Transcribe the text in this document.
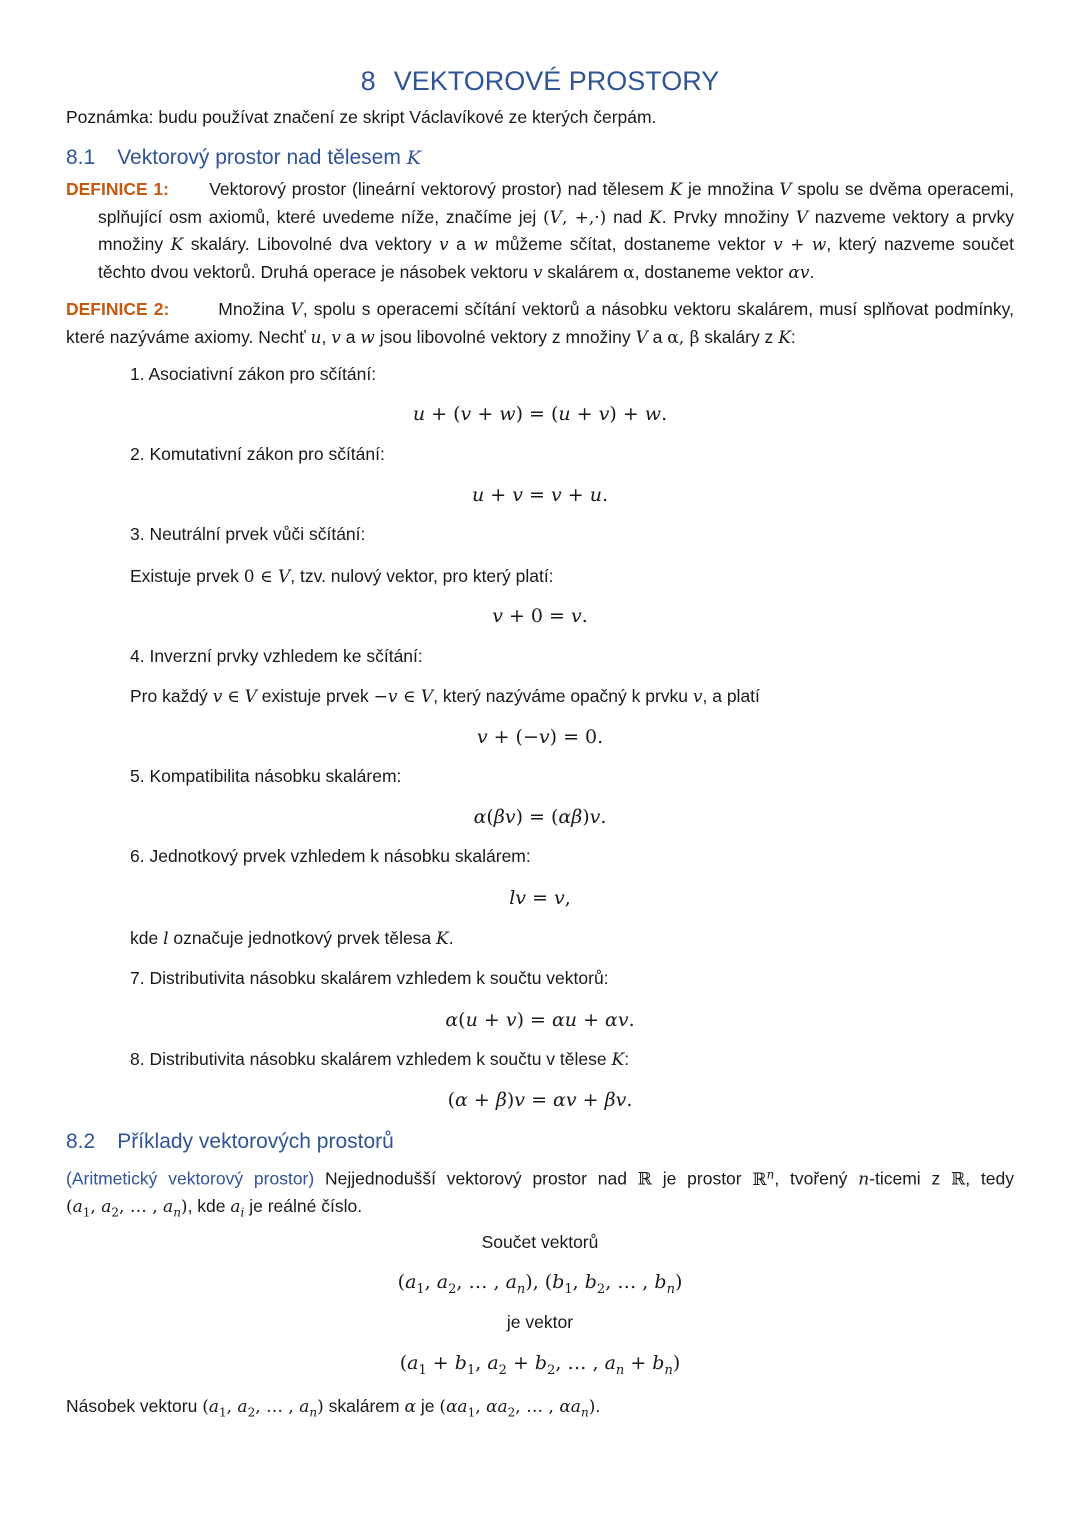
8 VEKTOROVÉ PROSTORY
Poznámka: budu používat značení ze skript Václavíkové ze kterých čerpám.
8.1 Vektorový prostor nad tělesem K
DEFINICE 1:       Vektorový prostor (lineární vektorový prostor) nad tělesem K je množina V spolu se dvěma operacemi,
splňující osm axiomů, které uvedeme níže, značíme jej (V, +,·) nad K. Prvky množiny V nazveme vektory a prvky
množiny K skaláry. Libovolné dva vektory v a w můžeme sčítat, dostaneme vektor v + w, který nazveme součet
těchto dvou vektorů. Druhá operace je násobek vektoru v skalárem α, dostaneme vektor αv.
DEFINICE 2:        Množina V, spolu s operacemi sčítání vektorů a násobku vektoru skalárem, musí splňovat podmínky,
které nazýváme axiomy. Nechť u, v a w jsou libovolné vektory z množiny V a α, β skaláry z K:
1. Asociativní zákon pro sčítání:
u + (v + w) = (u + v) + w.
2. Komutativní zákon pro sčítání:
u + v = v + u.
3. Neutrální prvek vůči sčítání:
Existuje prvek 0 ∈ V, tzv. nulový vektor, pro který platí:
v + 0 = v.
4. Inverzní prvky vzhledem ke sčítání:
Pro každý v ∈ V existuje prvek −v ∈ V, který nazýváme opačný k prvku v, a platí
v + (−v) = 0.
5. Kompatibilita násobku skalárem:
α(βv) = (αβ)v.
6. Jednotkový prvek vzhledem k násobku skalárem:
lv = v,
kde l označuje jednotkový prvek tělesa K.
7. Distributivita násobku skalárem vzhledem k součtu vektorů:
α(u + v) = αu + αv.
8. Distributivita násobku skalárem vzhledem k součtu v tělese K:
(α + β)v = αv + βv.
8.2 Příklady vektorových prostorů
(Aritmetický vektorový prostor) Nejjednodušší vektorový prostor nad ℝ je prostor ℝ$^n$, tvořený n-ticemi z ℝ, tedy
($a_1$, $a_2$, … , $a_n$), kde $a_i$ je reálné číslo.
Součet vektorů
($a_1$, $a_2$, … , $a_n$), ($b_1$, $b_2$, … , $b_n$)
je vektor
($a_1 + b_1$, $a_2 + b_2$, … , $a_n + b_n$)
Násobek vektoru ($a_1$, $a_2$, … , $a_n$) skalárem α je ($\alpha a_1$, $\alpha a_2$, … , $\alpha a_n$).
